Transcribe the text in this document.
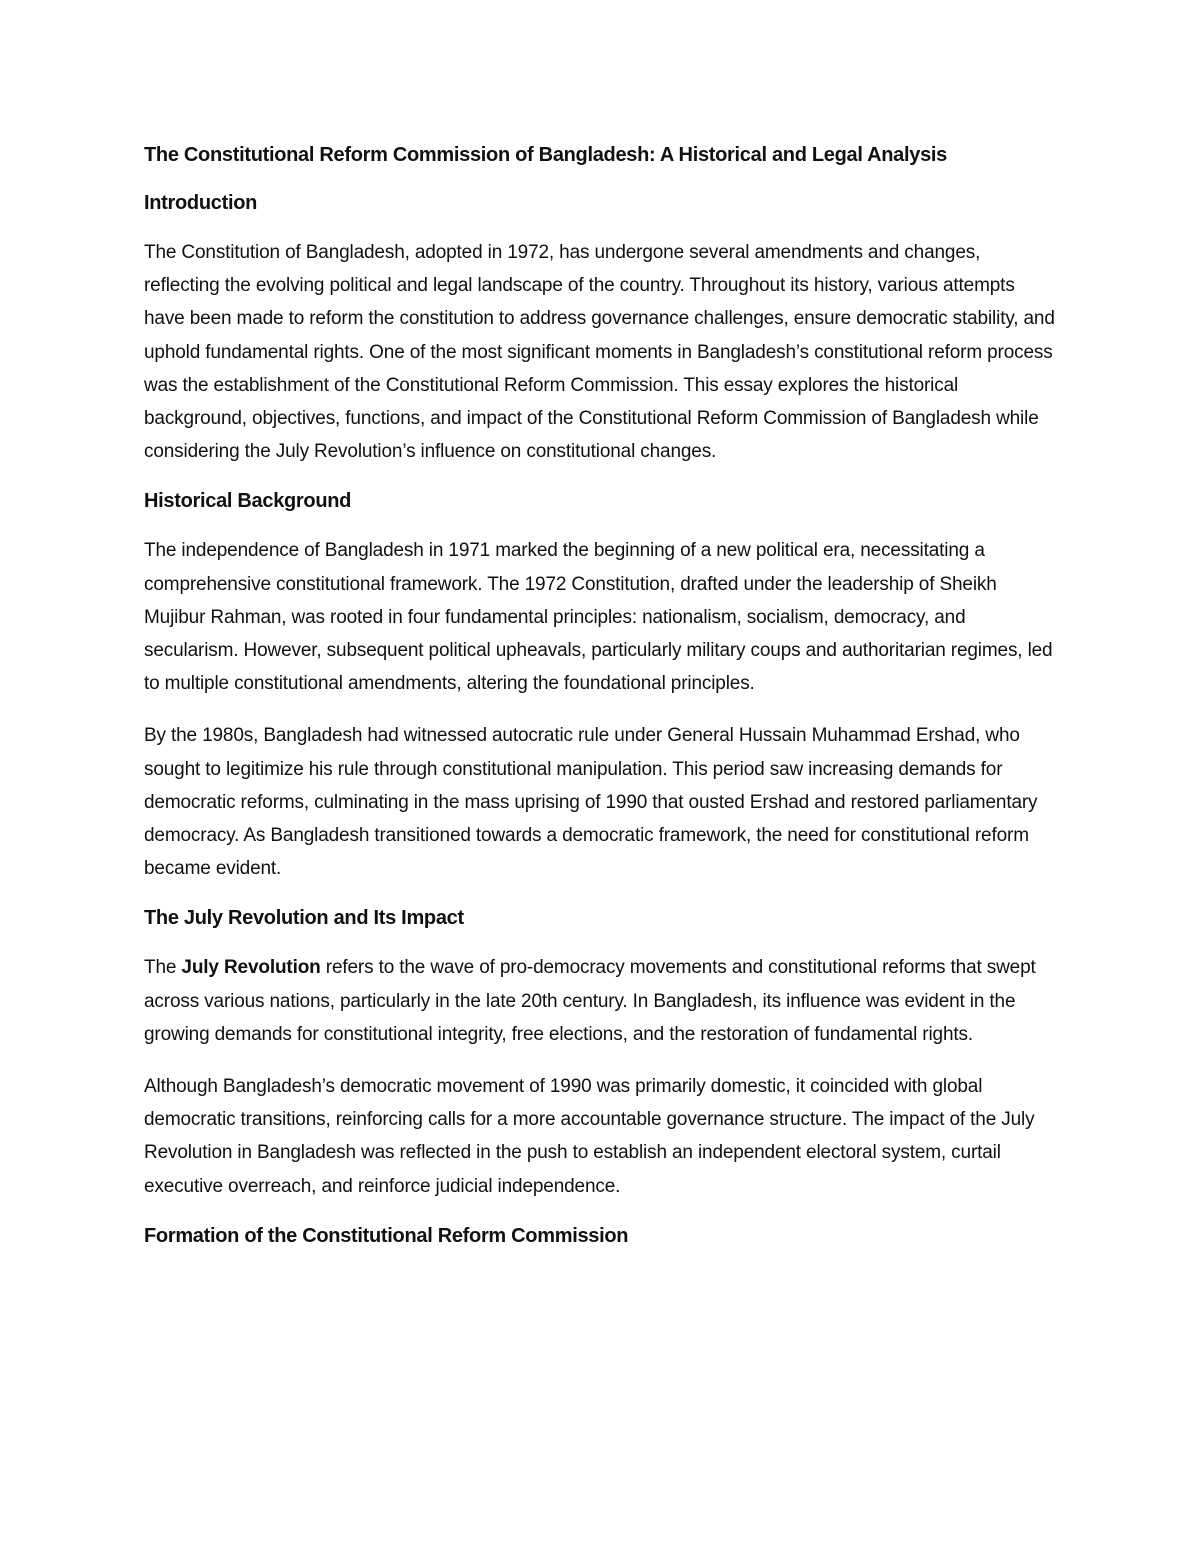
The Constitutional Reform Commission of Bangladesh: A Historical and Legal Analysis
Introduction

The Constitution of Bangladesh, adopted in 1972, has undergone several amendments and changes, reflecting the evolving political and legal landscape of the country. Throughout its history, various attempts have been made to reform the constitution to address governance challenges, ensure democratic stability, and uphold fundamental rights. One of the most significant moments in Bangladesh’s constitutional reform process was the establishment of the Constitutional Reform Commission. This essay explores the historical background, objectives, functions, and impact of the Constitutional Reform Commission of Bangladesh while considering the July Revolution’s influence on constitutional changes.

Historical Background

The independence of Bangladesh in 1971 marked the beginning of a new political era, necessitating a comprehensive constitutional framework. The 1972 Constitution, drafted under the leadership of Sheikh Mujibur Rahman, was rooted in four fundamental principles: nationalism, socialism, democracy, and secularism. However, subsequent political upheavals, particularly military coups and authoritarian regimes, led to multiple constitutional amendments, altering the foundational principles.

By the 1980s, Bangladesh had witnessed autocratic rule under General Hussain Muhammad Ershad, who sought to legitimize his rule through constitutional manipulation. This period saw increasing demands for democratic reforms, culminating in the mass uprising of 1990 that ousted Ershad and restored parliamentary democracy. As Bangladesh transitioned towards a democratic framework, the need for constitutional reform became evident.

The July Revolution and Its Impact

The July Revolution refers to the wave of pro-democracy movements and constitutional reforms that swept across various nations, particularly in the late 20th century. In Bangladesh, its influence was evident in the growing demands for constitutional integrity, free elections, and the restoration of fundamental rights.

Although Bangladesh’s democratic movement of 1990 was primarily domestic, it coincided with global democratic transitions, reinforcing calls for a more accountable governance structure. The impact of the July Revolution in Bangladesh was reflected in the push to establish an independent electoral system, curtail executive overreach, and reinforce judicial independence.

Formation of the Constitutional Reform Commission
